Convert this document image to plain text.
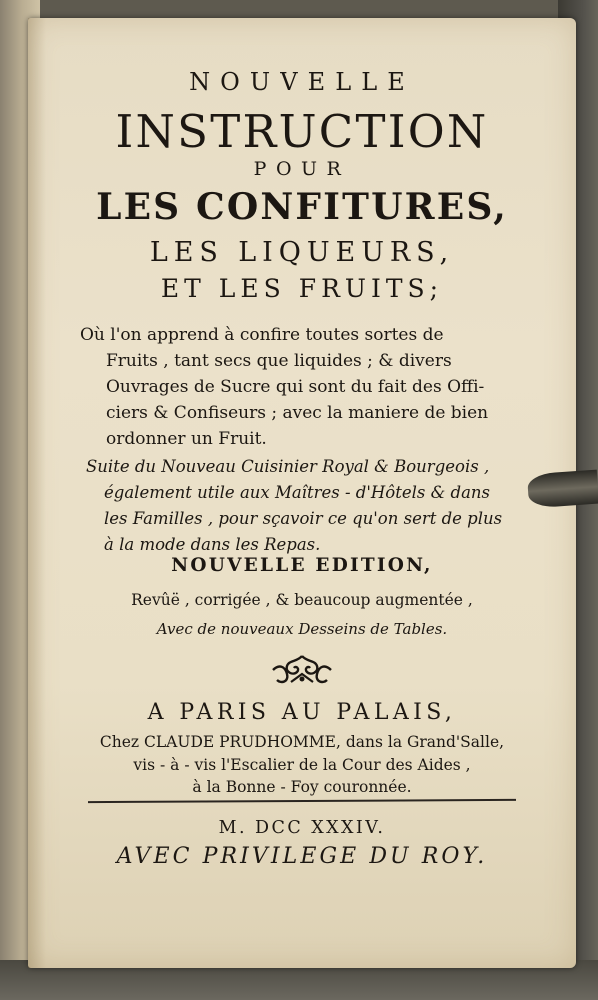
NOUVELLE
INSTRUCTION
POUR
LES CONFITURES,
LES LIQUEURS,
ET LES FRUITS;
Où l'on apprend à confire toutes sortes de
Fruits , tant secs que liquides ; & divers
Ouvrages de Sucre qui sont du fait des Offi-
ciers & Confiseurs ; avec la maniere de bien
ordonner un Fruit.
Suite du Nouveau Cuisinier Royal & Bourgeois ,
également utile aux Maîtres - d'Hôtels & dans
les Familles , pour sçavoir ce qu'on sert de plus
à la mode dans les Repas.
NOUVELLE EDITION,
Revûë , corrigée , & beaucoup augmentée ,
Avec de nouveaux Desseins de Tables.
A PARIS AU PALAIS,
Chez CLAUDE PRUDHOMME, dans la Grand'Salle,
vis - à - vis l'Escalier de la Cour des Aides ,
à la Bonne - Foy couronnée.
M. DCC XXXIV.
AVEC PRIVILEGE DU ROY.
